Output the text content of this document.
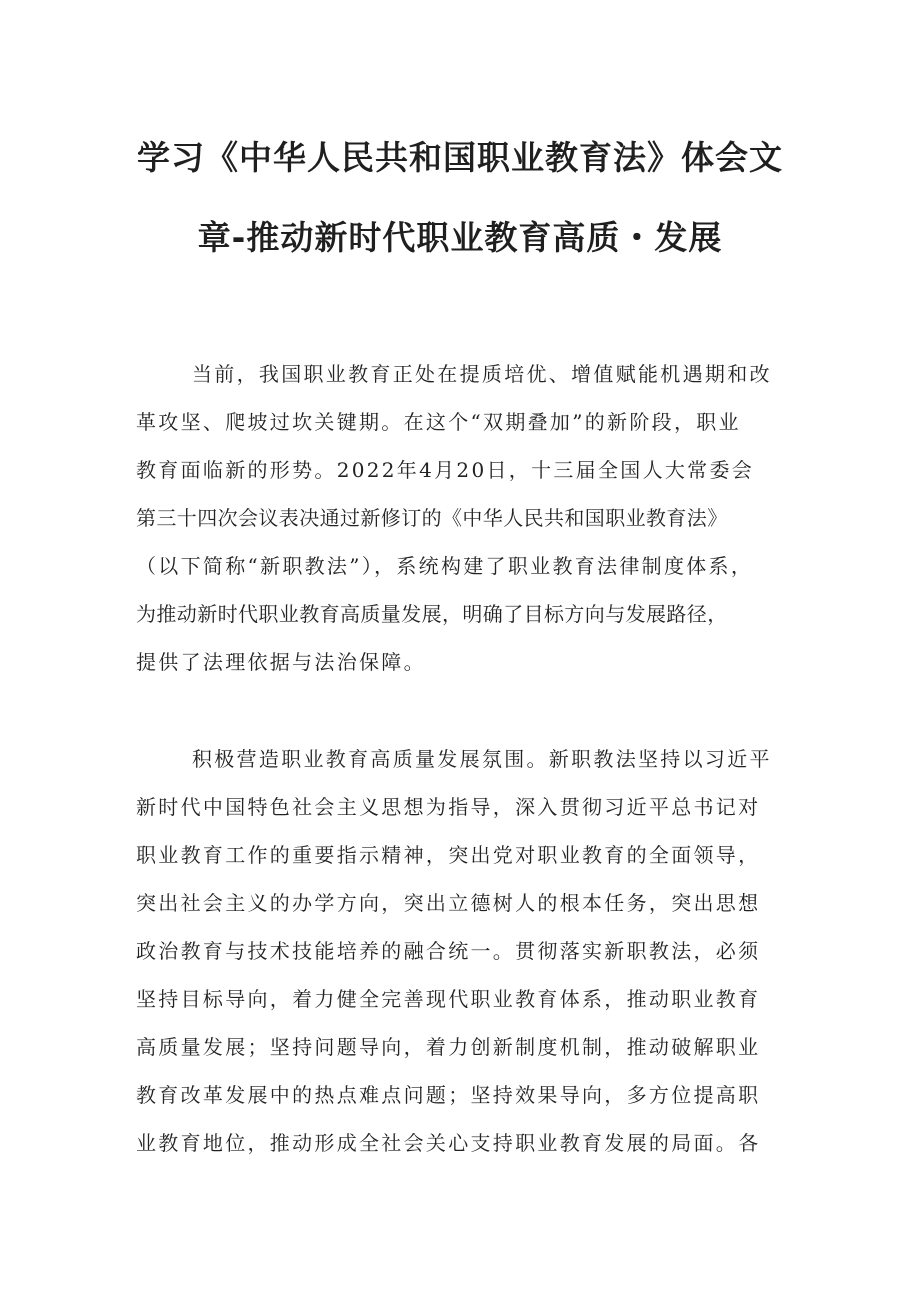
学习《中华人民共和国职业教育法》体会文
章-推动新时代职业教育高质・发展
当前，我国职业教育正处在提质培优、增值赋能机遇期和改
革攻坚、爬坡过坎关键期。在这个“双期叠加”的新阶段，职业
教育面临新的形势。2022年4月20日，十三届全国人大常委会
第三十四次会议表决通过新修订的《中华人民共和国职业教育法》
（以下简称“新职教法”），系统构建了职业教育法律制度体系，
为推动新时代职业教育高质量发展，明确了目标方向与发展路径，
提供了法理依据与法治保障。
积极营造职业教育高质量发展氛围。新职教法坚持以习近平
新时代中国特色社会主义思想为指导，深入贯彻习近平总书记对
职业教育工作的重要指示精神，突出党对职业教育的全面领导，
突出社会主义的办学方向，突出立德树人的根本任务，突出思想
政治教育与技术技能培养的融合统一。贯彻落实新职教法，必须
坚持目标导向，着力健全完善现代职业教育体系，推动职业教育
高质量发展；坚持问题导向，着力创新制度机制，推动破解职业
教育改革发展中的热点难点问题；坚持效果导向，多方位提高职
业教育地位，推动形成全社会关心支持职业教育发展的局面。各
